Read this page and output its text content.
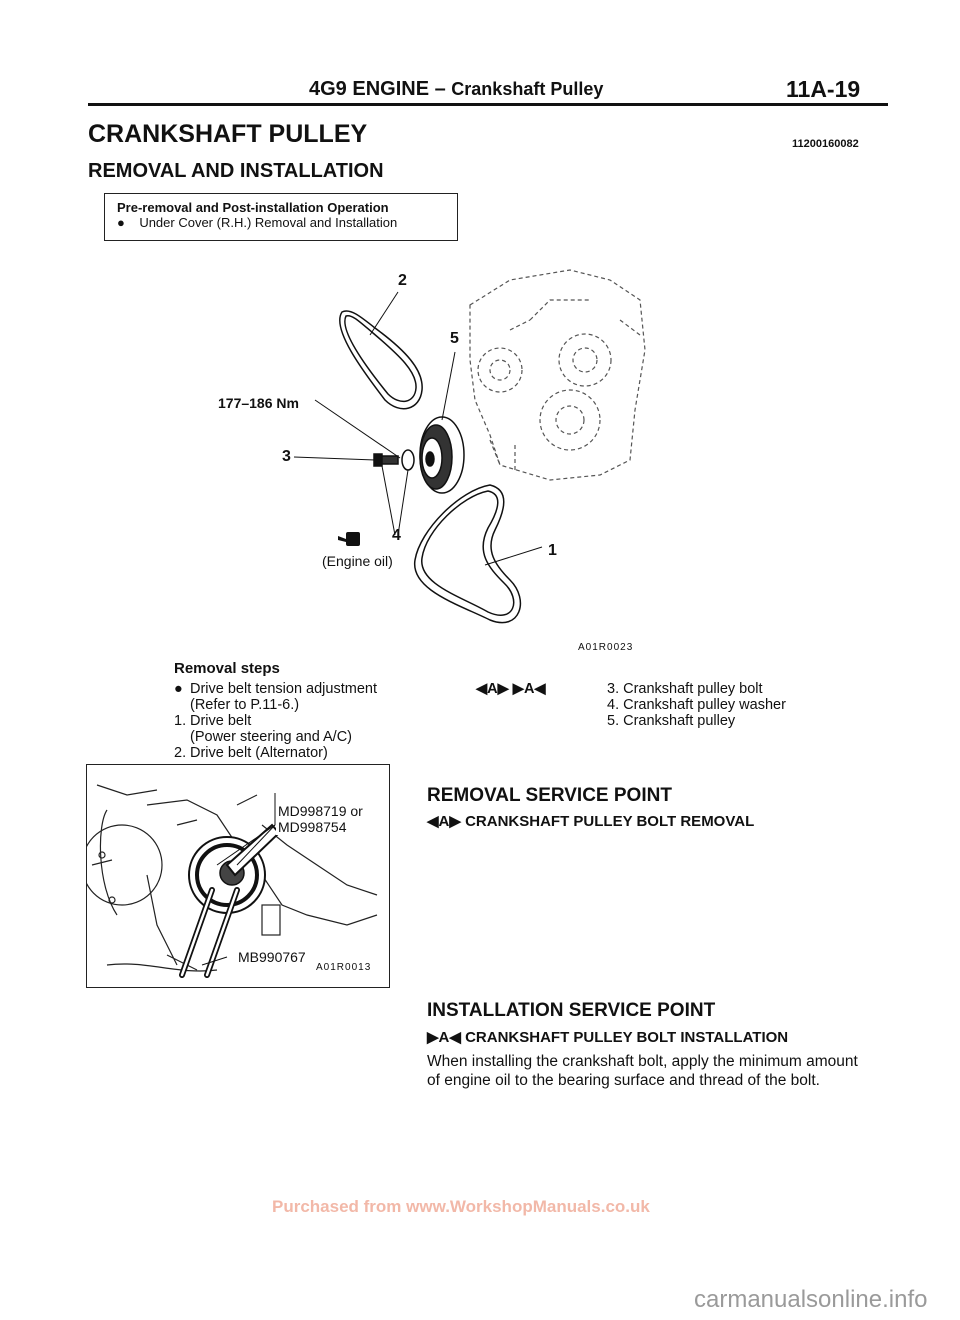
4G9 ENGINE – Crankshaft Pulley	11A-19
CRANKSHAFT PULLEY	11200160082
REMOVAL AND INSTALLATION
Pre-removal and Post-installation Operation
● Under Cover (R.H.) Removal and Installation
2
5
177–186 Nm
3
4
(Engine oil)
1
A01R0023
Removal steps
● Drive belt tension adjustment
(Refer to P.11-6.)
1. Drive belt
(Power steering and A/C)
2. Drive belt (Alternator)
◀A▶ ▶A◀	3. Crankshaft pulley bolt
4. Crankshaft pulley washer
5. Crankshaft pulley
MD998719 or
MD998754
MB990767
A01R0013
REMOVAL SERVICE POINT
◀A▶ CRANKSHAFT PULLEY BOLT REMOVAL
INSTALLATION SERVICE POINT
▶A◀ CRANKSHAFT PULLEY BOLT INSTALLATION
When installing the crankshaft bolt, apply the minimum amount
of engine oil to the bearing surface and thread of the bolt.
Purchased from www.WorkshopManuals.co.uk
carmanualsonline.info
